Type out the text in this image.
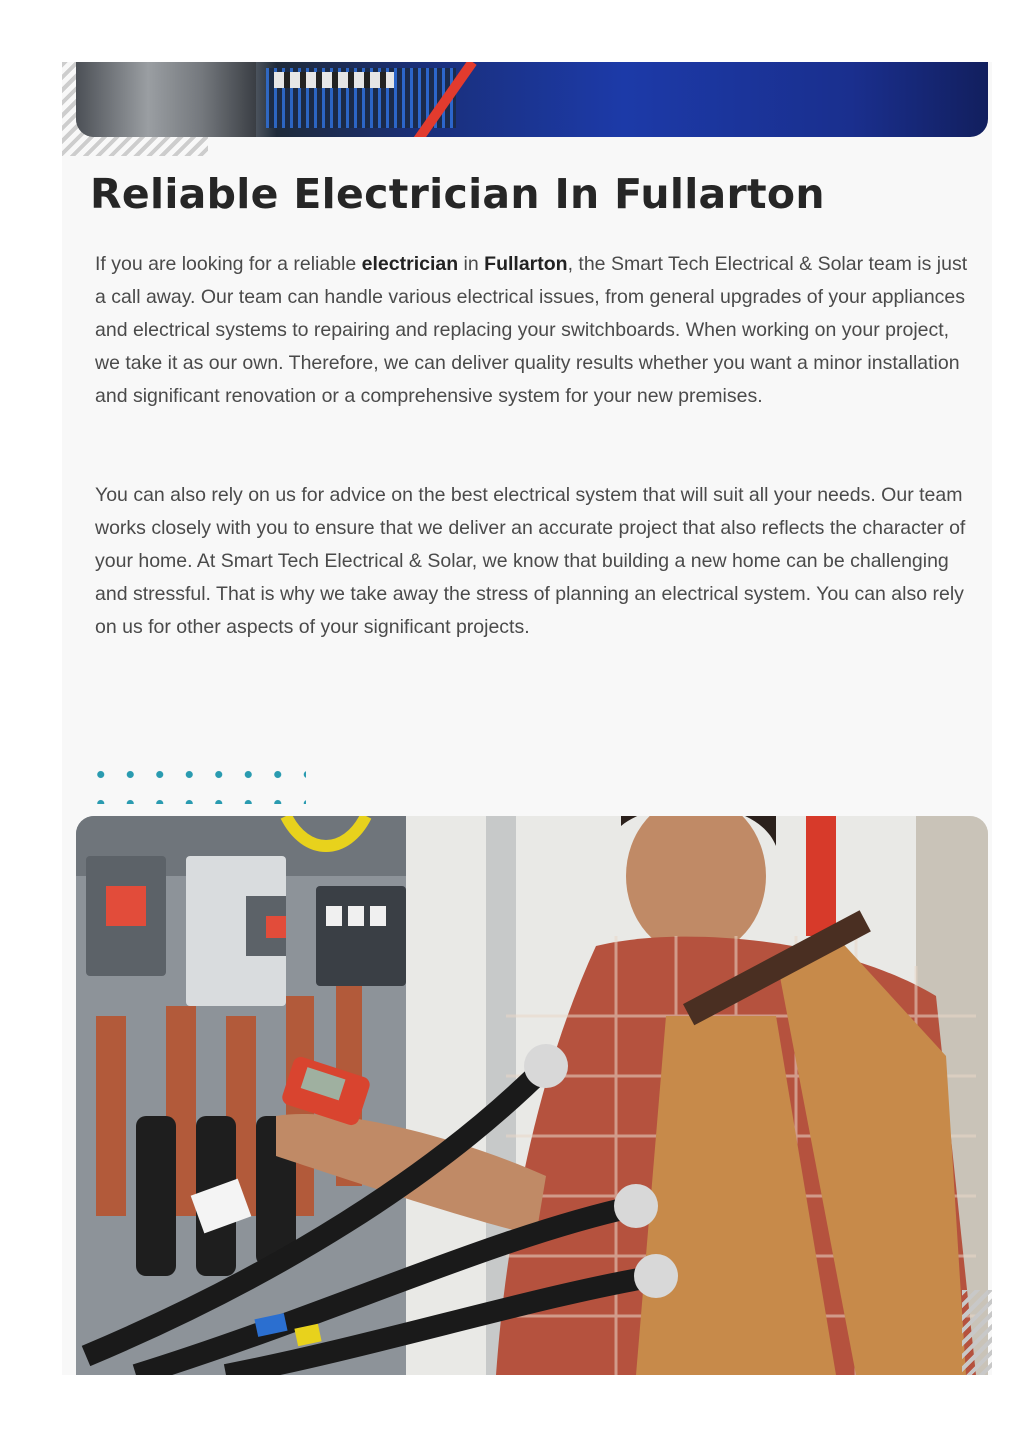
Reliable Electrician In Fullarton

If you are looking for a reliable electrician in Fullarton, the Smart Tech Electrical & Solar team is just a call away. Our team can handle various electrical issues, from general upgrades of your appliances and electrical systems to repairing and replacing your switchboards. When working on your project, we take it as our own. Therefore, we can deliver quality results whether you want a minor installation and significant renovation or a comprehensive system for your new premises.

You can also rely on us for advice on the best electrical system that will suit all your needs. Our team works closely with you to ensure that we deliver an accurate project that also reflects the character of your home. At Smart Tech Electrical & Solar, we know that building a new home can be challenging and stressful. That is why we take away the stress of planning an electrical system. You can also rely on us for other aspects of your significant projects.
